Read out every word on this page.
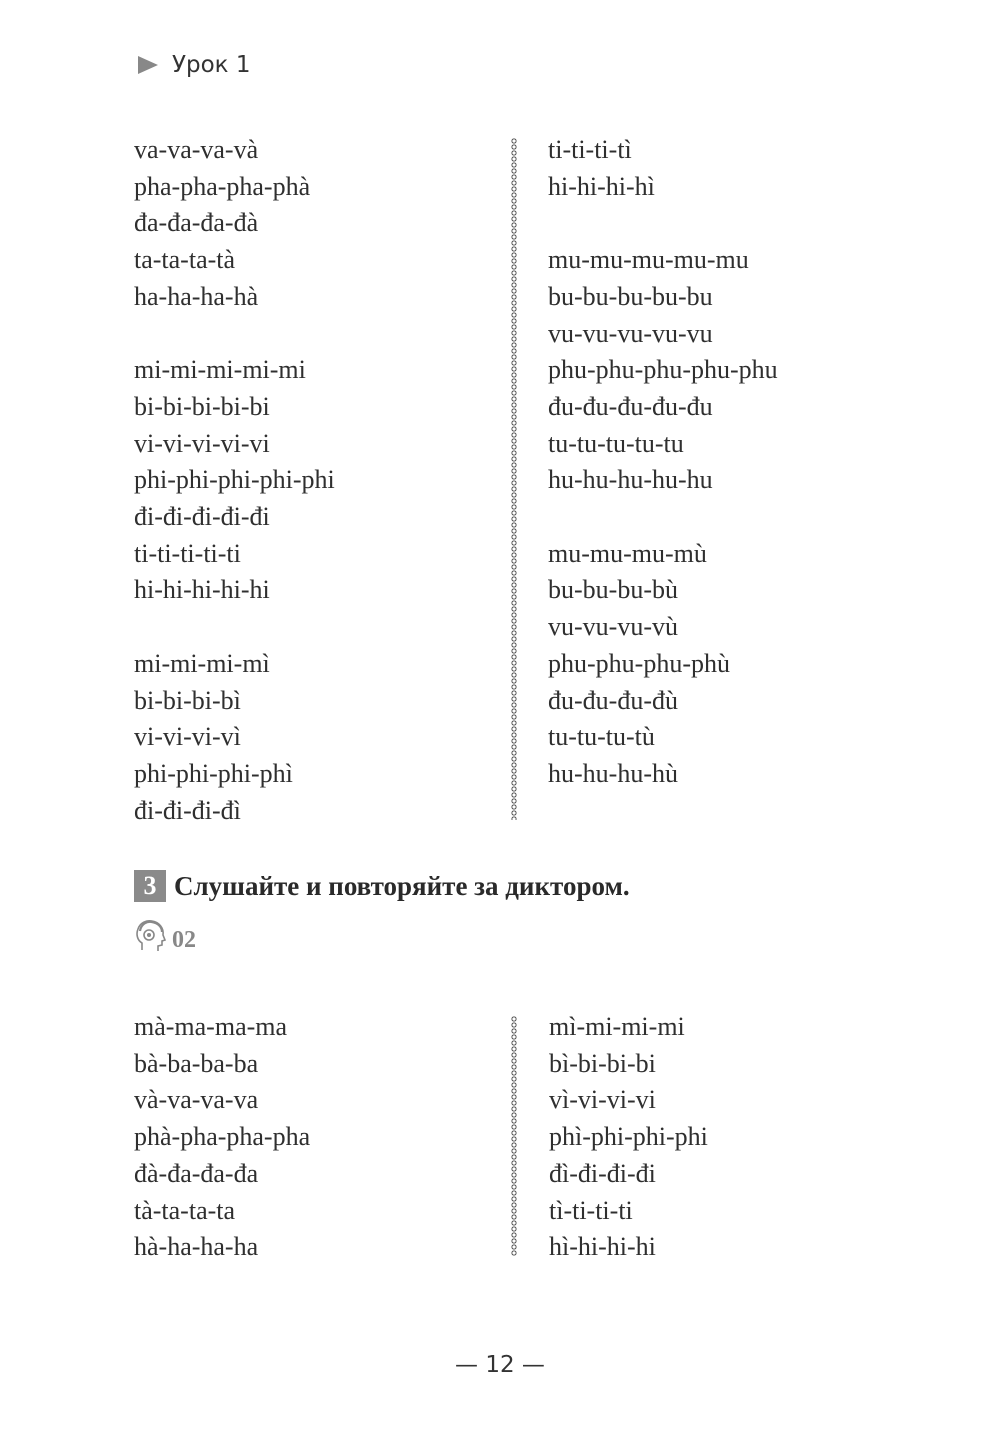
Урок 1
va-va-va-và
pha-pha-pha-phà
đa-đa-đa-đà
ta-ta-ta-tà
ha-ha-ha-hà
mi-mi-mi-mi-mi
bi-bi-bi-bi-bi
vi-vi-vi-vi-vi
phi-phi-phi-phi-phi
đi-đi-đi-đi-đi
ti-ti-ti-ti-ti
hi-hi-hi-hi-hi
mi-mi-mi-mì
bi-bi-bi-bì
vi-vi-vi-vì
phi-phi-phi-phì
đi-đi-đi-đì
ti-ti-ti-tì
hi-hi-hi-hì
mu-mu-mu-mu-mu
bu-bu-bu-bu-bu
vu-vu-vu-vu-vu
phu-phu-phu-phu-phu
đu-đu-đu-đu-đu
tu-tu-tu-tu-tu
hu-hu-hu-hu-hu
mu-mu-mu-mù
bu-bu-bu-bù
vu-vu-vu-vù
phu-phu-phu-phù
đu-đu-đu-đù
tu-tu-tu-tù
hu-hu-hu-hù
3 Слушайте и повторяйте за диктором.
02
mà-ma-ma-ma
bà-ba-ba-ba
và-va-va-va
phà-pha-pha-pha
đà-đa-đa-đa
tà-ta-ta-ta
hà-ha-ha-ha
mì-mi-mi-mi
bì-bi-bi-bi
vì-vi-vi-vi
phì-phi-phi-phi
đì-đi-đi-đi
tì-ti-ti-ti
hì-hi-hi-hi
— 12 —
